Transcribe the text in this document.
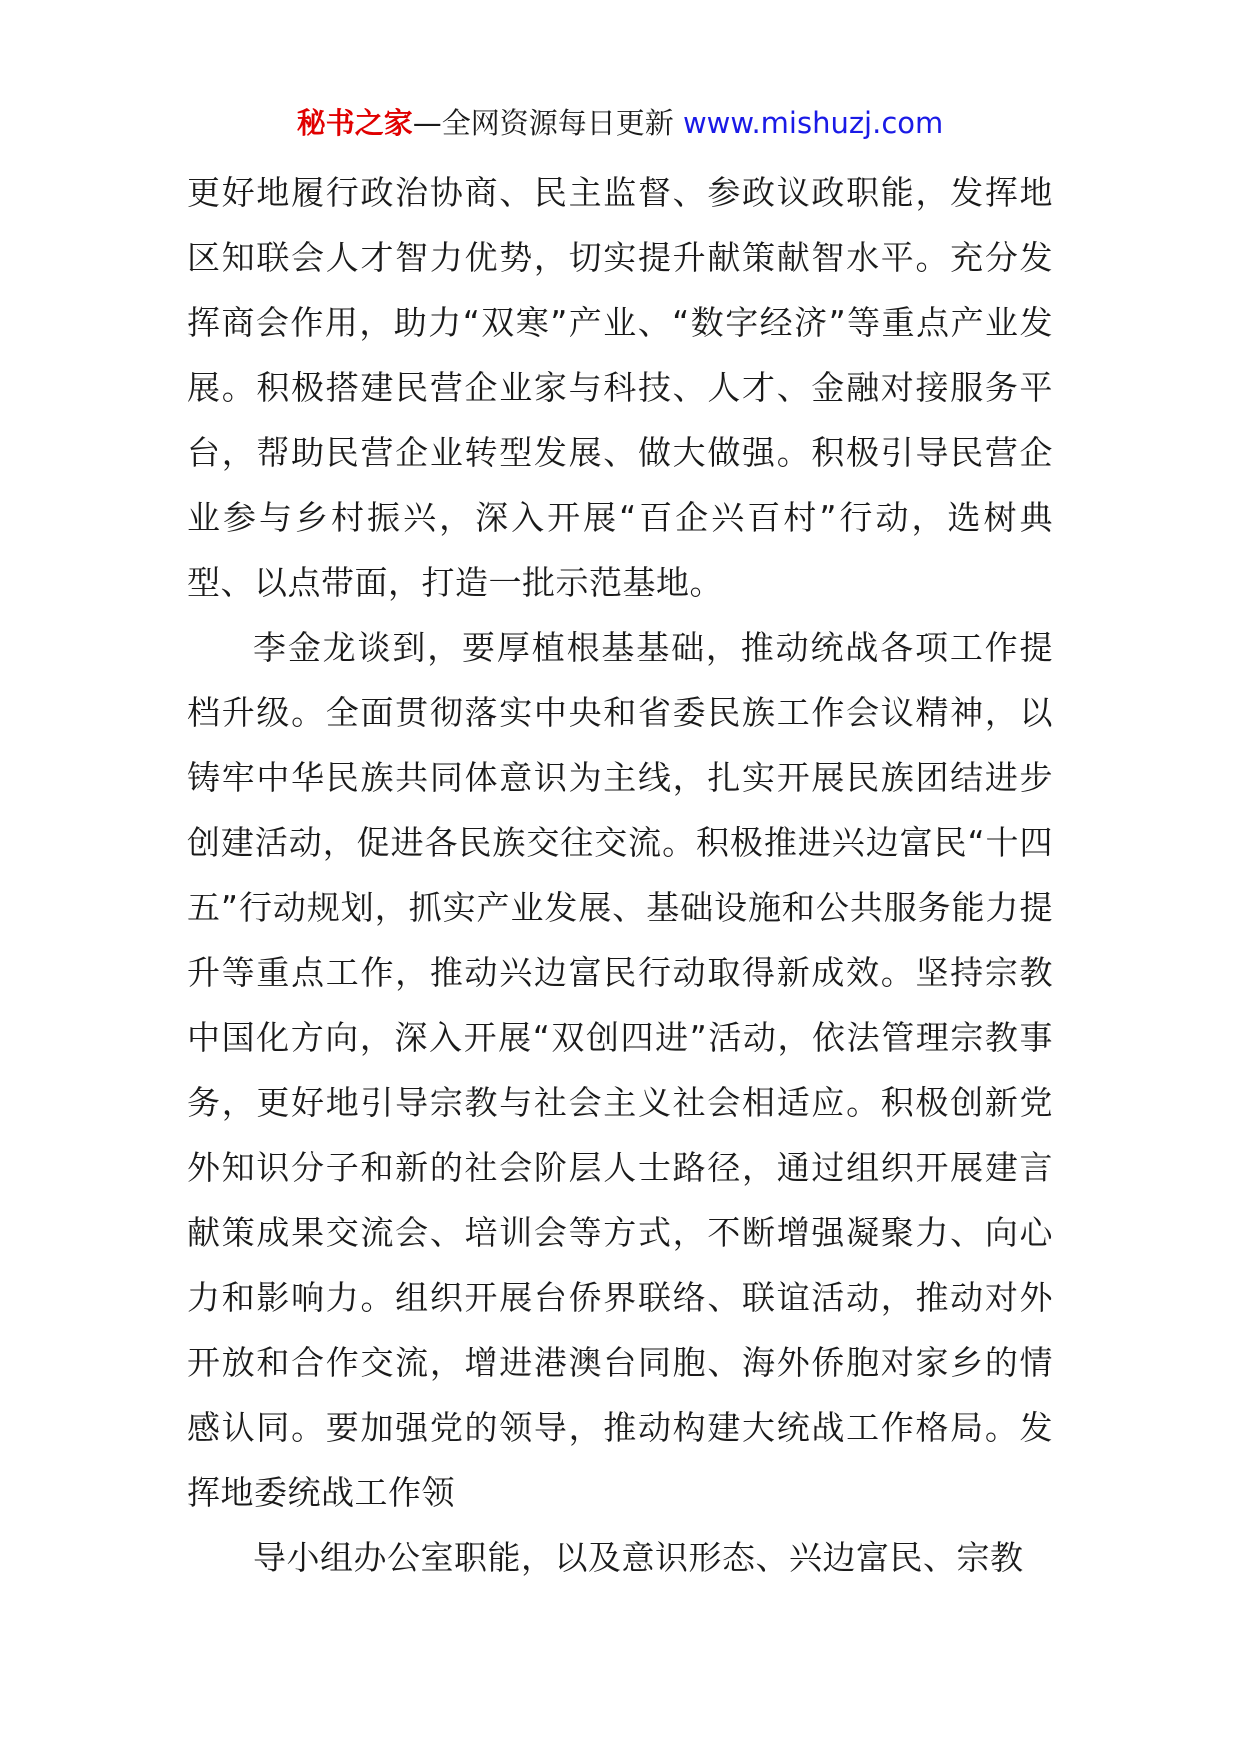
秘书之家—全网资源每日更新 www.mishuzj.com

更好地履行政治协商、民主监督、参政议政职能，发挥地区知联会人才智力优势，切实提升献策献智水平。充分发挥商会作用，助力“双寒”产业、“数字经济”等重点产业发展。积极搭建民营企业家与科技、人才、金融对接服务平台，帮助民营企业转型发展、做大做强。积极引导民营企业参与乡村振兴，深入开展“百企兴百村”行动，选树典型、以点带面，打造一批示范基地。

李金龙谈到，要厚植根基基础，推动统战各项工作提档升级。全面贯彻落实中央和省委民族工作会议精神，以铸牢中华民族共同体意识为主线，扎实开展民族团结进步创建活动，促进各民族交往交流。积极推进兴边富民“十四五”行动规划，抓实产业发展、基础设施和公共服务能力提升等重点工作，推动兴边富民行动取得新成效。坚持宗教中国化方向，深入开展“双创四进”活动，依法管理宗教事务，更好地引导宗教与社会主义社会相适应。积极创新党外知识分子和新的社会阶层人士路径，通过组织开展建言献策成果交流会、培训会等方式，不断增强凝聚力、向心力和影响力。组织开展台侨界联络、联谊活动，推动对外开放和合作交流，增进港澳台同胞、海外侨胞对家乡的情感认同。要加强党的领导，推动构建大统战工作格局。发挥地委统战工作领

导小组办公室职能，以及意识形态、兴边富民、宗教
